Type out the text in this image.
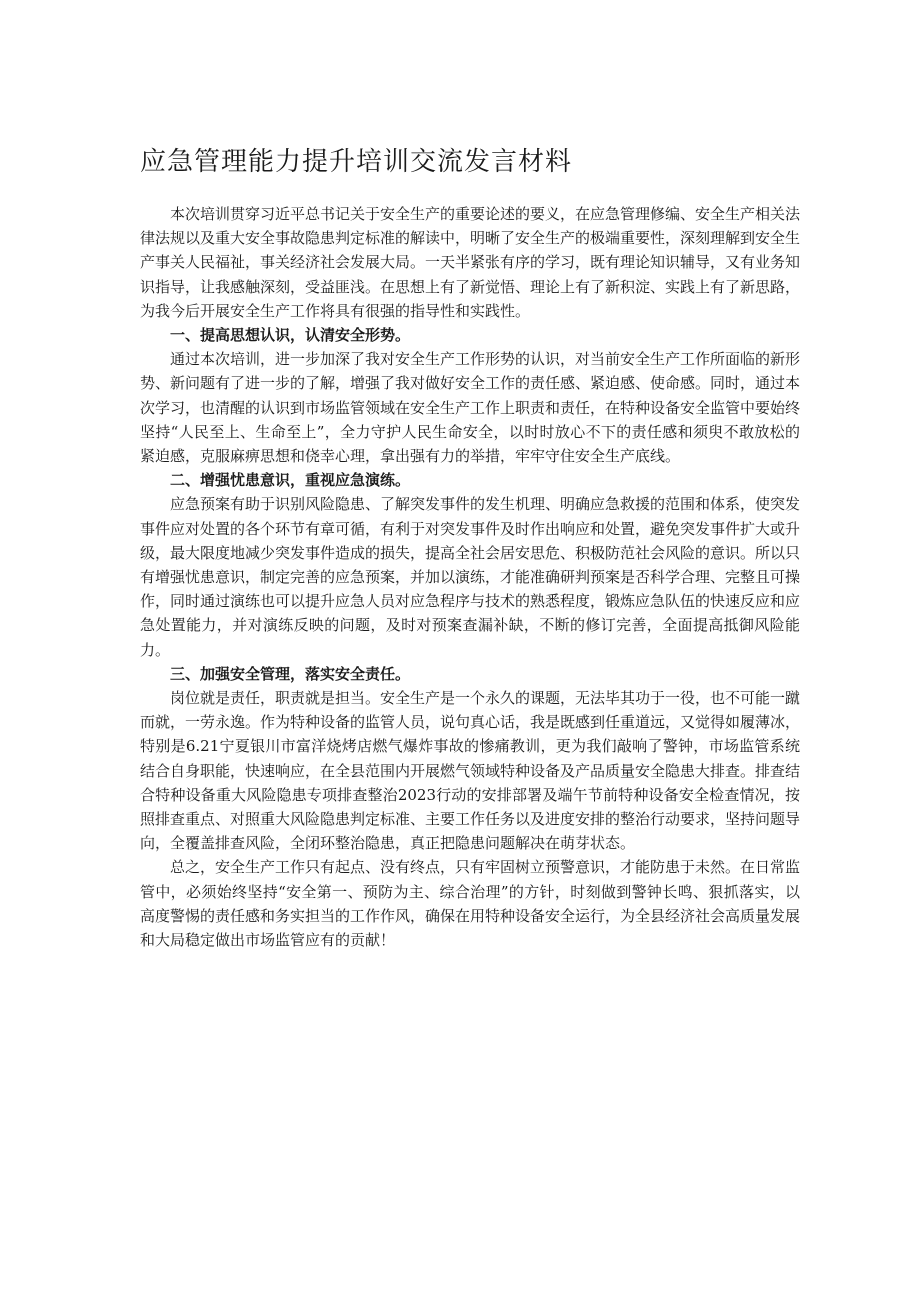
应急管理能力提升培训交流发言材料

本次培训贯穿习近平总书记关于安全生产的重要论述的要义，在应急管理修编、安全生产相关法律法规以及重大安全事故隐患判定标准的解读中，明晰了安全生产的极端重要性，深刻理解到安全生产事关人民福祉，事关经济社会发展大局。一天半紧张有序的学习，既有理论知识辅导，又有业务知识指导，让我感触深刻，受益匪浅。在思想上有了新觉悟、理论上有了新积淀、实践上有了新思路，为我今后开展安全生产工作将具有很强的指导性和实践性。

一、提高思想认识，认清安全形势。

通过本次培训，进一步加深了我对安全生产工作形势的认识，对当前安全生产工作所面临的新形势、新问题有了进一步的了解，增强了我对做好安全工作的责任感、紧迫感、使命感。同时，通过本次学习，也清醒的认识到市场监管领域在安全生产工作上职责和责任，在特种设备安全监管中要始终坚持“人民至上、生命至上”，全力守护人民生命安全，以时时放心不下的责任感和须臾不敢放松的紧迫感，克服麻痹思想和侥幸心理，拿出强有力的举措，牢牢守住安全生产底线。

二、增强忧患意识，重视应急演练。

应急预案有助于识别风险隐患、了解突发事件的发生机理、明确应急救援的范围和体系，使突发事件应对处置的各个环节有章可循，有利于对突发事件及时作出响应和处置，避免突发事件扩大或升级，最大限度地减少突发事件造成的损失，提高全社会居安思危、积极防范社会风险的意识。所以只有增强忧患意识，制定完善的应急预案，并加以演练，才能准确研判预案是否科学合理、完整且可操作，同时通过演练也可以提升应急人员对应急程序与技术的熟悉程度，锻炼应急队伍的快速反应和应急处置能力，并对演练反映的问题，及时对预案查漏补缺，不断的修订完善，全面提高抵御风险能力。

三、加强安全管理，落实安全责任。

岗位就是责任，职责就是担当。安全生产是一个永久的课题，无法毕其功于一役，也不可能一蹴而就，一劳永逸。作为特种设备的监管人员，说句真心话，我是既感到任重道远，又觉得如履薄冰，特别是6.21宁夏银川市富洋烧烤店燃气爆炸事故的惨痛教训，更为我们敲响了警钟，市场监管系统结合自身职能，快速响应，在全县范围内开展燃气领域特种设备及产品质量安全隐患大排查。排查结合特种设备重大风险隐患专项排查整治2023行动的安排部署及端午节前特种设备安全检查情况，按照排查重点、对照重大风险隐患判定标准、主要工作任务以及进度安排的整治行动要求，坚持问题导向，全覆盖排查风险，全闭环整治隐患，真正把隐患问题解决在萌芽状态。

总之，安全生产工作只有起点、没有终点，只有牢固树立预警意识，才能防患于未然。在日常监管中，必须始终坚持“安全第一、预防为主、综合治理”的方针，时刻做到警钟长鸣、狠抓落实，以高度警惕的责任感和务实担当的工作作风，确保在用特种设备安全运行，为全县经济社会高质量发展和大局稳定做出市场监管应有的贡献！
